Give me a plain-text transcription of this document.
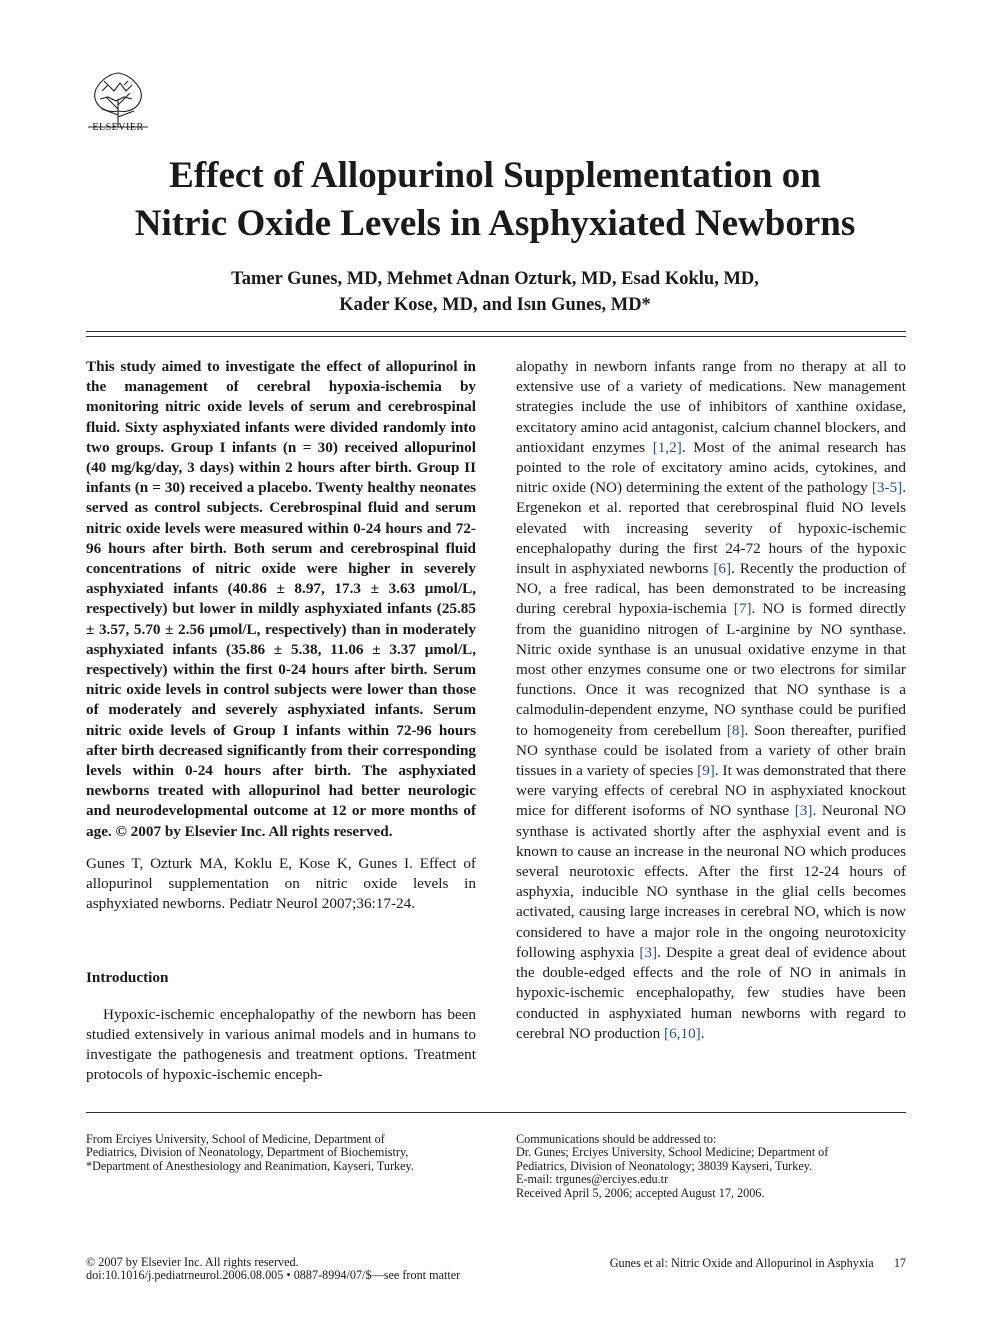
ELSEVIER
Effect of Allopurinol Supplementation on
Nitric Oxide Levels in Asphyxiated Newborns
Tamer Gunes, MD, Mehmet Adnan Ozturk, MD, Esad Koklu, MD,
Kader Kose, MD, and Isın Gunes, MD*

This study aimed to investigate the effect of allopurinol in the management of cerebral hypoxia-ischemia by monitoring nitric oxide levels of serum and cerebrospinal fluid. Sixty asphyxiated infants were divided randomly into two groups. Group I infants (n = 30) received allopurinol (40 mg/kg/day, 3 days) within 2 hours after birth. Group II infants (n = 30) received a placebo. Twenty healthy neonates served as control subjects. Cerebrospinal fluid and serum nitric oxide levels were measured within 0-24 hours and 72-96 hours after birth. Both serum and cerebrospinal fluid concentrations of nitric oxide were higher in severely asphyxiated infants (40.86 ± 8.97, 17.3 ± 3.63 μmol/L, respectively) but lower in mildly asphyxiated infants (25.85 ± 3.57, 5.70 ± 2.56 μmol/L, respectively) than in moderately asphyxiated infants (35.86 ± 5.38, 11.06 ± 3.37 μmol/L, respectively) within the first 0-24 hours after birth. Serum nitric oxide levels in control subjects were lower than those of moderately and severely asphyxiated infants. Serum nitric oxide levels of Group I infants within 72-96 hours after birth decreased significantly from their corresponding levels within 0-24 hours after birth. The asphyxiated newborns treated with allopurinol had better neurologic and neurodevelopmental outcome at 12 or more months of age. © 2007 by Elsevier Inc. All rights reserved.

Gunes T, Ozturk MA, Koklu E, Kose K, Gunes I. Effect of allopurinol supplementation on nitric oxide levels in asphyxiated newborns. Pediatr Neurol 2007;36:17-24.

Introduction

Hypoxic-ischemic encephalopathy of the newborn has been studied extensively in various animal models and in humans to investigate the pathogenesis and treatment options. Treatment protocols of hypoxic-ischemic enceph-

alopathy in newborn infants range from no therapy at all to extensive use of a variety of medications. New management strategies include the use of inhibitors of xanthine oxidase, excitatory amino acid antagonist, calcium channel blockers, and antioxidant enzymes [1,2]. Most of the animal research has pointed to the role of excitatory amino acids, cytokines, and nitric oxide (NO) determining the extent of the pathology [3-5]. Ergenekon et al. reported that cerebrospinal fluid NO levels elevated with increasing severity of hypoxic-ischemic encephalopathy during the first 24-72 hours of the hypoxic insult in asphyxiated newborns [6]. Recently the production of NO, a free radical, has been demonstrated to be increasing during cerebral hypoxia-ischemia [7]. NO is formed directly from the guanidino nitrogen of L-arginine by NO synthase. Nitric oxide synthase is an unusual oxidative enzyme in that most other enzymes consume one or two electrons for similar functions. Once it was recognized that NO synthase is a calmodulin-dependent enzyme, NO synthase could be purified to homogeneity from cerebellum [8]. Soon thereafter, purified NO synthase could be isolated from a variety of other brain tissues in a variety of species [9]. It was demonstrated that there were varying effects of cerebral NO in asphyxiated knockout mice for different isoforms of NO synthase [3]. Neuronal NO synthase is activated shortly after the asphyxial event and is known to cause an increase in the neuronal NO which produces several neurotoxic effects. After the first 12-24 hours of asphyxia, inducible NO synthase in the glial cells becomes activated, causing large increases in cerebral NO, which is now considered to have a major role in the ongoing neurotoxicity following asphyxia [3]. Despite a great deal of evidence about the double-edged effects and the role of NO in animals in hypoxic-ischemic encephalopathy, few studies have been conducted in asphyxiated human newborns with regard to cerebral NO production [6,10].

From Erciyes University, School of Medicine, Department of
Pediatrics, Division of Neonatology, Department of Biochemistry,
*Department of Anesthesiology and Reanimation, Kayseri, Turkey.
Communications should be addressed to:
Dr. Gunes; Erciyes University, School Medicine; Department of
Pediatrics, Division of Neonatology; 38039 Kayseri, Turkey.
E-mail: trgunes@erciyes.edu.tr
Received April 5, 2006; accepted August 17, 2006.
© 2007 by Elsevier Inc. All rights reserved.
doi:10.1016/j.pediatrneurol.2006.08.005 • 0887-8994/07/$—see front matter
Gunes et al: Nitric Oxide and Allopurinol in Asphyxia 17
